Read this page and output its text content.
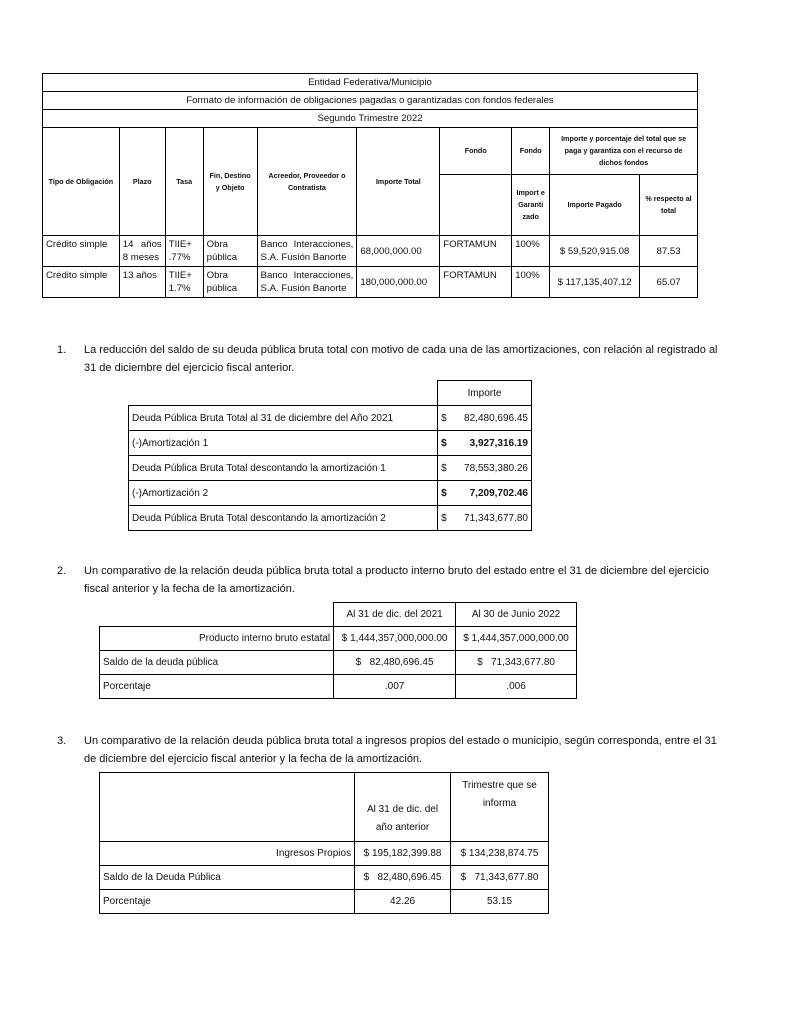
Entidad Federativa/Municipio									
Formato de información de obligaciones pagadas o garantizadas con fondos federales									
Segundo Trimestre 2022									
Tipo de Obligación	Plazo	Tasa	Fin, Destino y Objeto	Acreedor, Proveedor o Contratista	Importe Total	Fondo	Fondo	Importe y porcentaje del total que se paga y garantiza con el recurso de dichos fondos	
							Import e Garanti zado	Importe Pagado	% respecto al total
Crédito simple	14 años 8 meses	TIIE+ .77%	Obra pública	Banco Interacciones, S.A. Fusión Banorte	68,000,000.00	FORTAMUN	100%	$ 59,520,915.08	87.53
Crédito simple	13 años	TIIE+ 1.7%	Obra pública	Banco Interacciones, S.A. Fusión Banorte	180,000,000.00	FORTAMUN	100%	$ 117,135,407.12	65.07
1. La reducción del saldo de su deuda pública bruta total con motivo de cada una de las amortizaciones, con relación al registrado al
31 de diciembre del ejercicio fiscal anterior.
	Importe
Deuda Pública Bruta Total al 31 de diciembre del Año 2021	$ 82,480,696.45

(-)Amortización 1	$ 3,927,316.19

Deuda Pública Bruta Total descontando la amortización 1	$ 78,553,380.26

(-)Amortización 2	$ 7,209,702.46

Deuda Pública Bruta Total descontando la amortización 2	$ 71,343,677.80
2. Un comparativo de la relación deuda pública bruta total a producto interno bruto del estado entre el 31 de diciembre del ejercicio
fiscal anterior y la fecha de la amortización.
	Al 31 de dic. del 2021	Al 30 de Junio 2022
Producto interno bruto estatal	$ 1,444,357,000,000.00	$ 1,444,357,000,000.00
Saldo de la deuda pública	$   82,480,696.45	$   71,343,677.80
Porcentaje	.007	.006
3. Un comparativo de la relación deuda pública bruta total a ingresos propios del estado o municipio, según corresponda, entre el 31
de diciembre del ejercicio fiscal anterior y la fecha de la amortización.
	Al 31 de dic. del año anterior	Trimestre que se informa
Ingresos Propios	$ 195,182,399.88	$ 134,238,874.75
Saldo de la Deuda Pública	$   82,480,696.45	$   71,343,677.80
Porcentaje	42.26	53.15
